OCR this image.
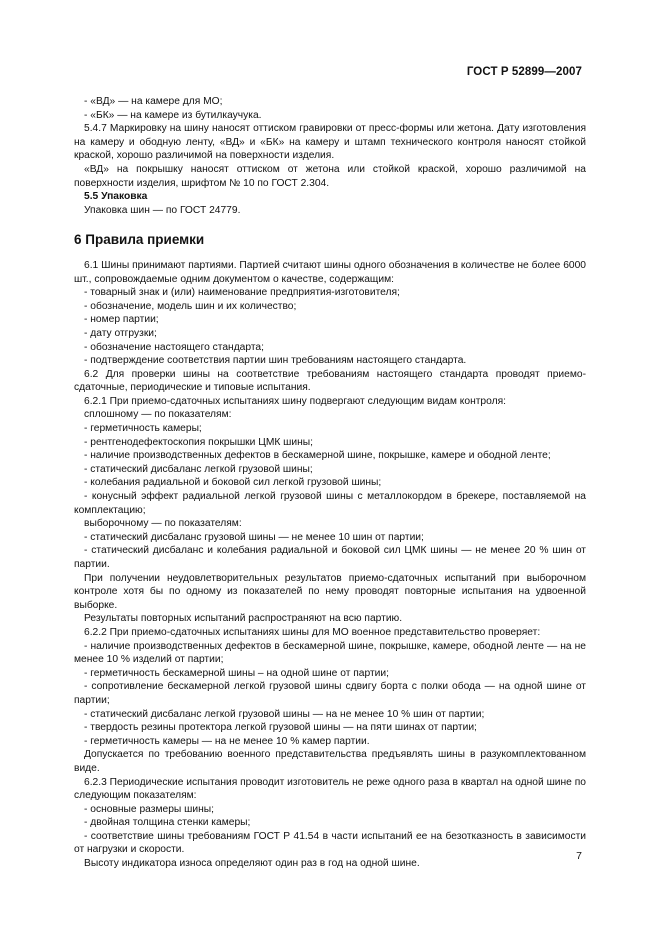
ГОСТ Р 52899—2007

- «ВД» — на камере для МО;

- «БК» — на камере из бутилкаучука.

5.4.7 Маркировку на шину наносят оттиском гравировки от пресс-формы или жетона. Дату изготовления на камеру и ободную ленту, «ВД» и «БК» на камеру и штамп технического контроля наносят стойкой краской, хорошо различимой на поверхности изделия.

«ВД» на покрышку наносят оттиском от жетона или стойкой краской, хорошо различимой на поверхности изделия, шрифтом № 10 по ГОСТ 2.304.

5.5 Упаковка

Упаковка шин — по ГОСТ 24779.

6 Правила приемки

6.1 Шины принимают партиями. Партией считают шины одного обозначения в количестве не более 6000 шт., сопровождаемые одним документом о качестве, содержащим:

- товарный знак и (или) наименование предприятия-изготовителя;

- обозначение, модель шин и их количество;

- номер партии;

- дату отгрузки;

- обозначение настоящего стандарта;

- подтверждение соответствия партии шин требованиям настоящего стандарта.

6.2 Для проверки шины на соответствие требованиям настоящего стандарта проводят приемо-сдаточные, периодические и типовые испытания.

6.2.1 При приемо-сдаточных испытаниях шину подвергают следующим видам контроля:

сплошному — по показателям:

- герметичность камеры;

- рентгенодефектоскопия покрышки ЦМК шины;

- наличие производственных дефектов в бескамерной шине, покрышке, камере и ободной ленте;

- статический дисбаланс легкой грузовой шины;

- колебания радиальной и боковой сил легкой грузовой шины;

- конусный эффект радиальной легкой грузовой шины с металлокордом в брекере, поставляемой на комплектацию;

выборочному — по показателям:

- статический дисбаланс грузовой шины — не менее 10 шин от партии;

- статический дисбаланс и колебания радиальной и боковой сил ЦМК шины — не менее 20 % шин от партии.

При получении неудовлетворительных результатов приемо-сдаточных испытаний при выборочном контроле хотя бы по одному из показателей по нему проводят повторные испытания на удвоенной выборке.

Результаты повторных испытаний распространяют на всю партию.

6.2.2 При приемо-сдаточных испытаниях шины для МО военное представительство проверяет:

- наличие производственных дефектов в бескамерной шине, покрышке, камере, ободной ленте — на не менее 10 % изделий от партии;

- герметичность бескамерной шины – на одной шине от партии;

- сопротивление бескамерной легкой грузовой шины сдвигу борта с полки обода — на одной шине от партии;

- статический дисбаланс легкой грузовой шины — на не менее 10 % шин от партии;

- твердость резины протектора легкой грузовой шины — на пяти шинах от партии;

- герметичность камеры — на не менее 10 % камер партии.

Допускается по требованию военного представительства предъявлять шины в разукомплектованном виде.

6.2.3 Периодические испытания проводит изготовитель не реже одного раза в квартал на одной шине по следующим показателям:

- основные размеры шины;

- двойная толщина стенки камеры;

- соответствие шины требованиям ГОСТ Р 41.54 в части испытаний ее на безотказность в зависимости от нагрузки и скорости.

Высоту индикатора износа определяют один раз в год на одной шине.

7
